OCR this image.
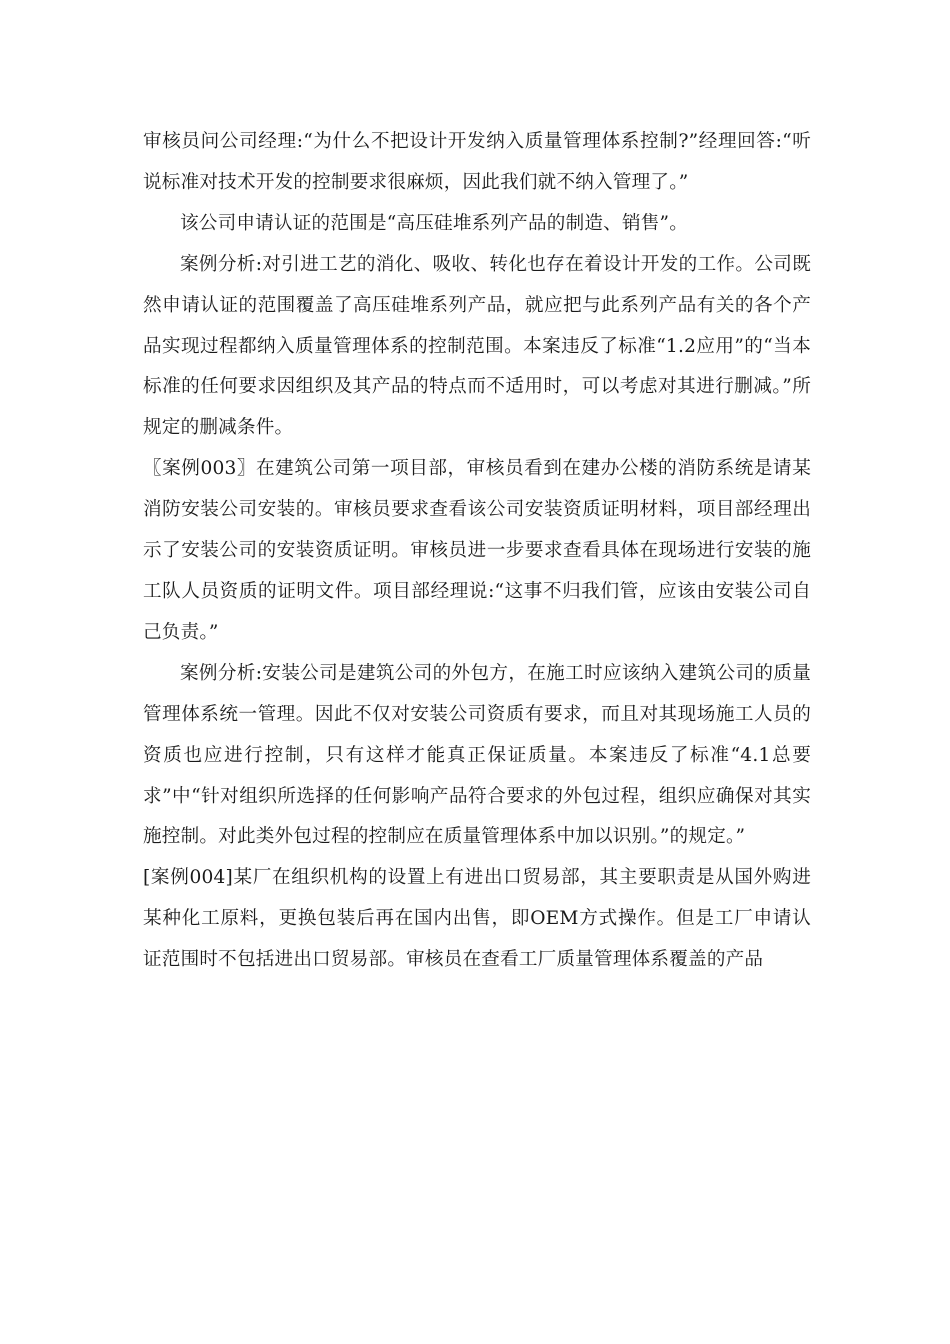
审核员问公司经理:“为什么不把设计开发纳入质量管理体系控制?”经理回答:“听说标准对技术开发的控制要求很麻烦，因此我们就不纳入管理了。”

该公司申请认证的范围是“高压硅堆系列产品的制造、销售”。

案例分析:对引进工艺的消化、吸收、转化也存在着设计开发的工作。公司既然申请认证的范围覆盖了高压硅堆系列产品，就应把与此系列产品有关的各个产品实现过程都纳入质量管理体系的控制范围。本案违反了标准“1.2应用”的“当本标准的任何要求因组织及其产品的特点而不适用时，可以考虑对其进行删减。”所规定的删减条件。

〖案例003〗在建筑公司第一项目部，审核员看到在建办公楼的消防系统是请某消防安装公司安装的。审核员要求查看该公司安装资质证明材料，项目部经理出示了安装公司的安装资质证明。审核员进一步要求查看具体在现场进行安装的施工队人员资质的证明文件。项目部经理说:“这事不归我们管，应该由安装公司自己负责。”

案例分析:安装公司是建筑公司的外包方，在施工时应该纳入建筑公司的质量管理体系统一管理。因此不仅对安装公司资质有要求，而且对其现场施工人员的资质也应进行控制，只有这样才能真正保证质量。本案违反了标准“4.1总要求”中“针对组织所选择的任何影响产品符合要求的外包过程，组织应确保对其实施控制。对此类外包过程的控制应在质量管理体系中加以识别。”的规定。”

[案例004]某厂在组织机构的设置上有进出口贸易部，其主要职责是从国外购进某种化工原料，更换包装后再在国内出售，即OEM方式操作。但是工厂申请认证范围时不包括进出口贸易部。审核员在查看工厂质量管理体系覆盖的产品
